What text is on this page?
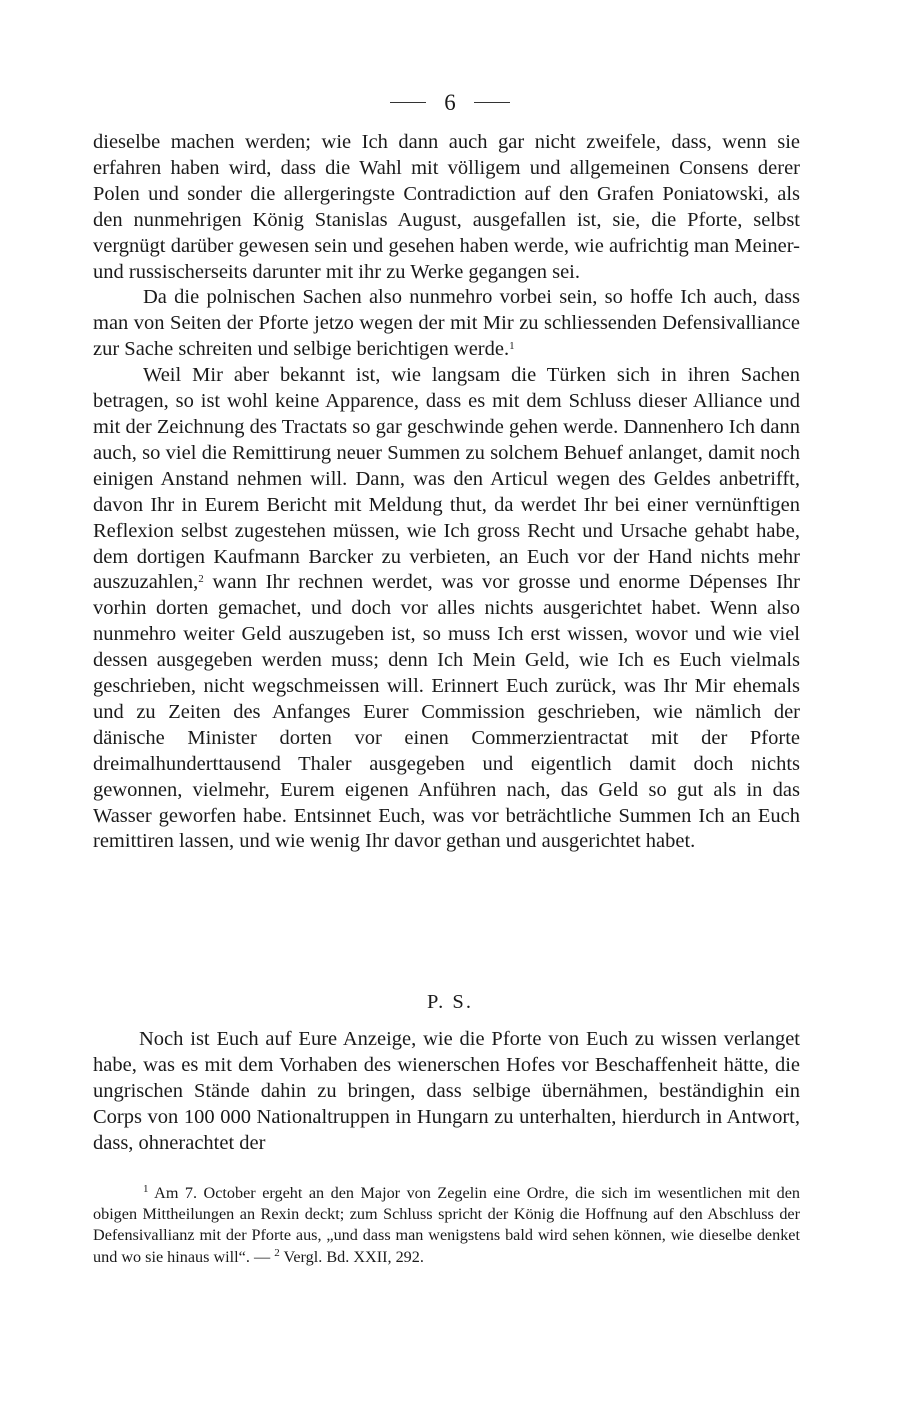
6

dieselbe machen werden; wie Ich dann auch gar nicht zweifele, dass, wenn sie erfahren haben wird, dass die Wahl mit völligem und allgemeinen Consens derer Polen und sonder die allergeringste Contradiction auf den Grafen Poniatowski, als den nunmehrigen König Stanislas August, ausgefallen ist, sie, die Pforte, selbst vergnügt darüber gewesen sein und gesehen haben werde, wie aufrichtig man Meiner- und russischerseits darunter mit ihr zu Werke gegangen sei.

Da die polnischen Sachen also nunmehro vorbei sein, so hoffe Ich auch, dass man von Seiten der Pforte jetzo wegen der mit Mir zu schliessenden Defensivalliance zur Sache schreiten und selbige berichtigen werde.$^1$

Weil Mir aber bekannt ist, wie langsam die Türken sich in ihren Sachen betragen, so ist wohl keine Apparence, dass es mit dem Schluss dieser Alliance und mit der Zeichnung des Tractats so gar geschwinde gehen werde. Dannenhero Ich dann auch, so viel die Remittirung neuer Summen zu solchem Behuef anlanget, damit noch einigen Anstand nehmen will. Dann, was den Articul wegen des Geldes anbetrifft, davon Ihr in Eurem Bericht mit Meldung thut, da werdet Ihr bei einer vernünftigen Reflexion selbst zugestehen müssen, wie Ich gross Recht und Ursache gehabt habe, dem dortigen Kaufmann Barcker zu verbieten, an Euch vor der Hand nichts mehr auszuzahlen,$^2$ wann Ihr rechnen werdet, was vor grosse und enorme Dépenses Ihr vorhin dorten gemachet, und doch vor alles nichts ausgerichtet habet. Wenn also nunmehro weiter Geld auszugeben ist, so muss Ich erst wissen, wovor und wie viel dessen ausgegeben werden muss; denn Ich Mein Geld, wie Ich es Euch vielmals geschrieben, nicht wegschmeissen will. Erinnert Euch zurück, was Ihr Mir ehemals und zu Zeiten des Anfanges Eurer Commission geschrieben, wie nämlich der dänische Minister dorten vor einen Commerzientractat mit der Pforte dreimalhunderttausend Thaler ausgegeben und eigentlich damit doch nichts gewonnen, vielmehr, Eurem eigenen Anführen nach, das Geld so gut als in das Wasser geworfen habe. Entsinnet Euch, was vor beträchtliche Summen Ich an Euch remittiren lassen, und wie wenig Ihr davor gethan und ausgerichtet habet.

P. S.

Noch ist Euch auf Eure Anzeige, wie die Pforte von Euch zu wissen verlanget habe, was es mit dem Vorhaben des wienerschen Hofes vor Beschaffenheit hätte, die ungrischen Stände dahin zu bringen, dass selbige übernähmen, beständighin ein Corps von 100 000 Nationaltruppen in Hungarn zu unterhalten, hierdurch in Antwort, dass, ohnerachtet der

$^1$ Am 7. October ergeht an den Major von Zegelin eine Ordre, die sich im wesentlichen mit den obigen Mittheilungen an Rexin deckt; zum Schluss spricht der König die Hoffnung auf den Abschluss der Defensivallianz mit der Pforte aus, „und dass man wenigstens bald wird sehen können, wie dieselbe denket und wo sie hinaus will“. — $^2$ Vergl. Bd. XXII, 292.
